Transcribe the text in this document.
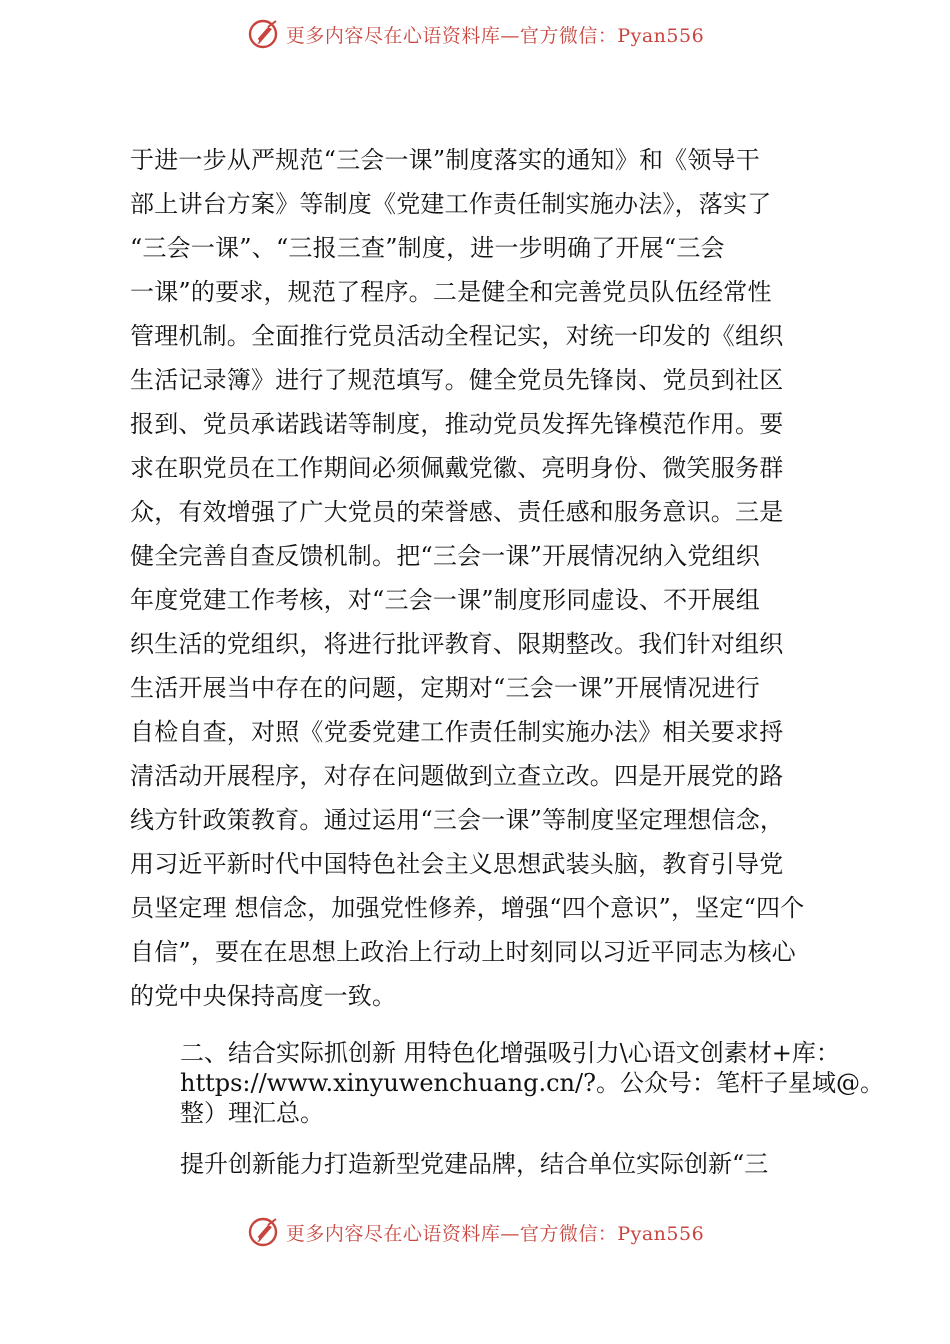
更多内容尽在心语资料库—官方微信：Pyan556
于进一步从严规范“三会一课”制度落实的通知》和《领导干
部上讲台方案》等制度《党建工作责任制实施办法》，落实了
“三会一课”、“三报三查”制度，进一步明确了开展“三会
一课”的要求，规范了程序。二是健全和完善党员队伍经常性
管理机制。全面推行党员活动全程记实，对统一印发的《组织
生活记录簿》进行了规范填写。健全党员先锋岗、党员到社区
报到、党员承诺践诺等制度，推动党员发挥先锋模范作用。要
求在职党员在工作期间必须佩戴党徽、亮明身份、微笑服务群
众，有效增强了广大党员的荣誉感、责任感和服务意识。三是
健全完善自查反馈机制。把“三会一课”开展情况纳入党组织
年度党建工作考核，对“三会一课”制度形同虚设、不开展组
织生活的党组织，将进行批评教育、限期整改。我们针对组织
生活开展当中存在的问题，定期对“三会一课”开展情况进行
自检自查，对照《党委党建工作责任制实施办法》相关要求捋
清活动开展程序，对存在问题做到立查立改。四是开展党的路
线方针政策教育。通过运用“三会一课”等制度坚定理想信念，
用习近平新时代中国特色社会主义思想武装头脑，教育引导党
员坚定理 想信念，加强党性修养，增强“四个意识”，坚定“四个
自信”，要在在思想上政治上行动上时刻同以习近平同志为核心
的党中央保持高度一致。
二、结合实际抓创新 用特色化增强吸引力\心语文创素材+库：
https://www.xinyuwenchuang.cn/?。公众号：笔杆子星域@。
整）理汇总。
提升创新能力打造新型党建品牌，结合单位实际创新“三
更多内容尽在心语资料库—官方微信：Pyan556
